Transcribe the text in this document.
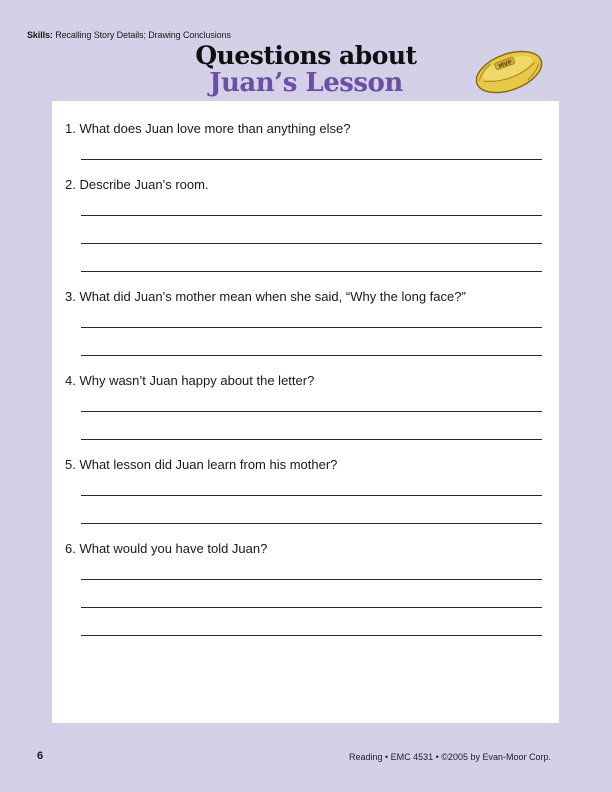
Skills: Recalling Story Details; Drawing Conclusions
Questions about
Juan’s Lesson
MVP
1. What does Juan love more than anything else?
2. Describe Juan’s room.
3. What did Juan’s mother mean when she said, “Why the long face?”
4. Why wasn’t Juan happy about the letter?
5. What lesson did Juan learn from his mother?
6. What would you have told Juan?
6	Reading • EMC 4531 • ©2005 by Evan-Moor Corp.
